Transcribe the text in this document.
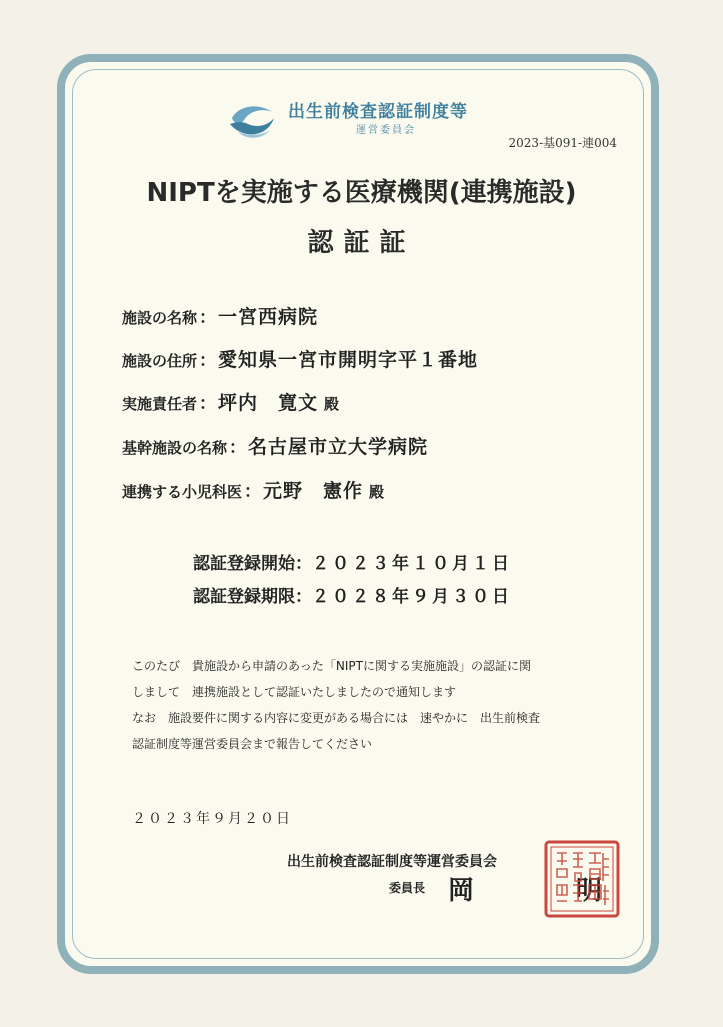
出生前検査認証制度等
運営委員会
2023-基091-連004
NIPTを実施する医療機関(連携施設)
認証証
施設の名称 ： 一宮西病院
施設の住所 ： 愛知県一宮市開明字平１番地
実施責任者 ： 坪内　寛文 殿
基幹施設の名称 ： 名古屋市立大学病院
連携する小児科医 ： 元野　憲作 殿
認証登録開始：２０２３年１０月１日
認証登録期限：２０２８年９月３０日
このたび　貴施設から申請のあった「NIPTに関する実施施設」の認証に関
しまして　連携施設として認証いたしましたので通知します
なお　施設要件に関する内容に変更がある場合には　速やかに　出生前検査
認証制度等運営委員会まで報告してください
２０２３年９月２０日
出生前検査認証制度等運営委員会
委員長 岡　明
